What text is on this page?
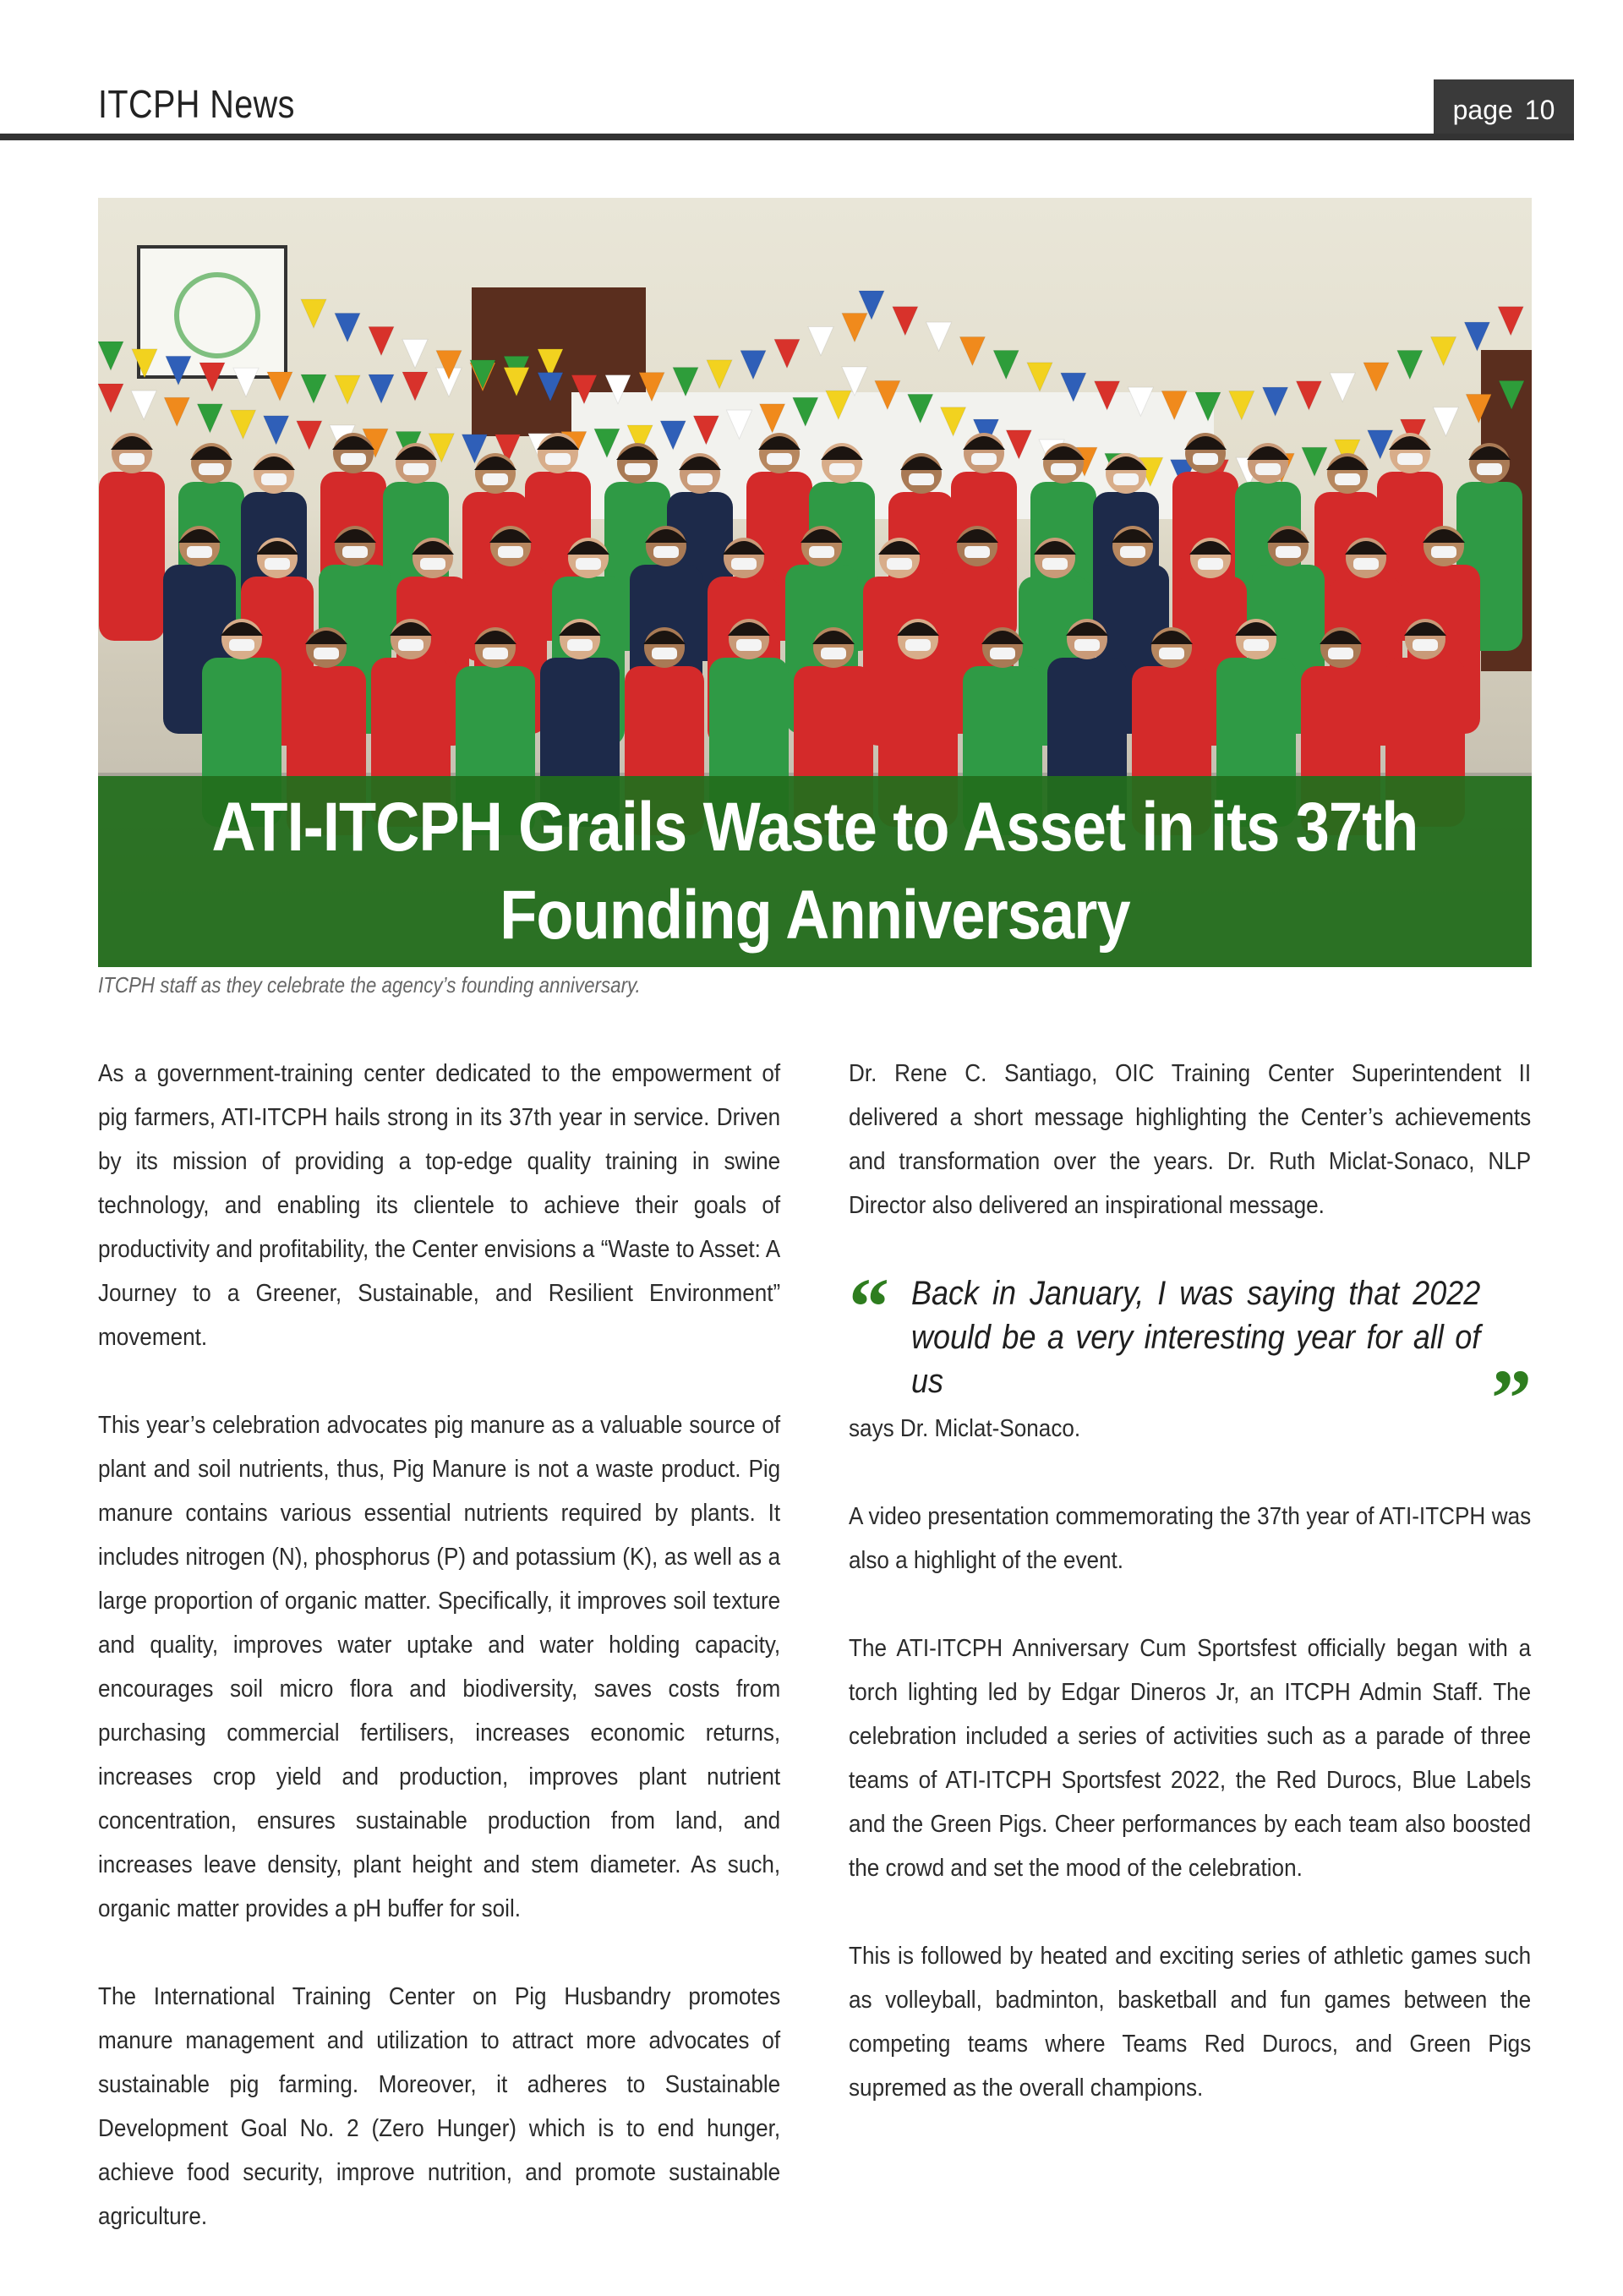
ITCPH News	page 10
ATI-ITCPH Grails Waste to Asset in its 37th Founding Anniversary
ITCPH staff as they celebrate the agency’s founding anniversary.

As a government-training center dedicated to the empowerment of pig farmers, ATI-ITCPH hails strong in its 37th year in service. Driven by its mission of providing a top-edge quality training in swine technology, and enabling its clientele to achieve their goals of productivity and profitability, the Center envisions a “Waste to Asset: A Journey to a Greener, Sustainable, and Resilient Environment” movement.

This year’s celebration advocates pig manure as a valuable source of plant and soil nutrients, thus, Pig Manure is not a waste product. Pig manure contains various essential nutrients required by plants. It includes nitrogen (N), phosphorus (P) and potassium (K), as well as a large proportion of organic matter. Specifically, it improves soil texture and quality, improves water uptake and water holding capacity, encourages soil micro flora and biodiversity, saves costs from purchasing commercial fertilisers, increases economic returns, increases crop yield and production, improves plant nutrient concentration, ensures sustainable production from land, and increases leave density, plant height and stem diameter. As such, organic matter provides a pH buffer for soil.

The International Training Center on Pig Husbandry promotes manure management and utilization to attract more advocates of sustainable pig farming. Moreover, it adheres to Sustainable Development Goal No. 2 (Zero Hunger) which is to end hunger, achieve food security, improve nutrition, and promote sustainable agriculture.

Dr. Rene C. Santiago, OIC Training Center Superintendent II delivered a short message highlighting the Center’s achievements and transformation over the years. Dr. Ruth Miclat-Sonaco, NLP Director also delivered an inspirational message.

“ Back in January, I was saying that 2022 would be a very interesting year for all of us	”

says Dr. Miclat-Sonaco.

A video presentation commemorating the 37th year of ATI-ITCPH was also a highlight of the event.

The ATI-ITCPH Anniversary Cum Sportsfest officially began with a torch lighting led by Edgar Dineros Jr, an ITCPH Admin Staff. The celebration included a series of activities such as a parade of three teams of ATI-ITCPH Sportsfest 2022, the Red Durocs, Blue Labels and the Green Pigs. Cheer performances by each team also boosted the crowd and set the mood of the celebration.

This is followed by heated and exciting series of athletic games such as volleyball, badminton, basketball and fun games between the competing teams where Teams Red Durocs, and Green Pigs supremed as the overall champions.
